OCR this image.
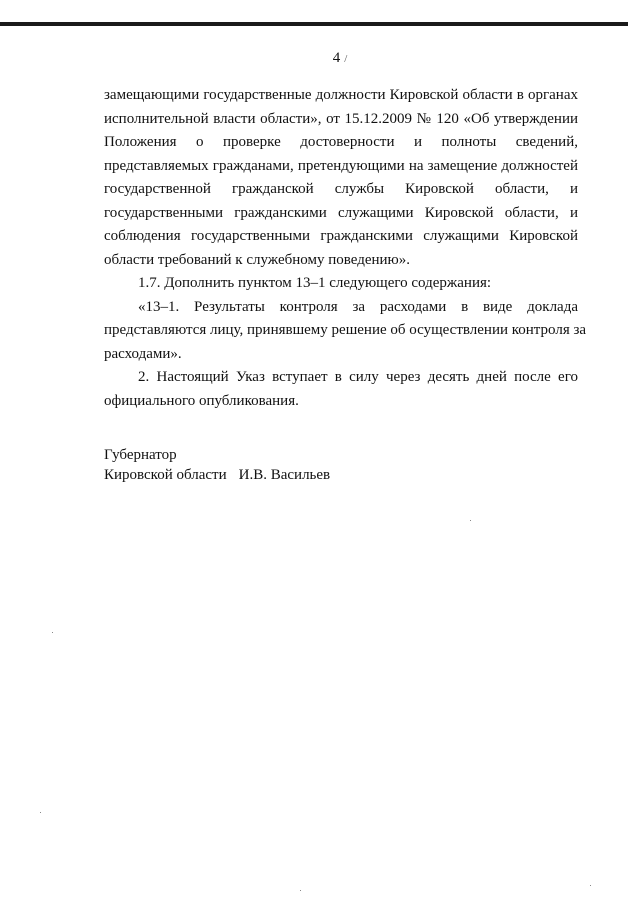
4 /
замещающими государственные должности Кировской области в органах
исполнительной власти области», от 15.12.2009 № 120 «Об утверждении
Положения о проверке достоверности и полноты сведений,
представляемых гражданами, претендующими на замещение должностей
государственной гражданской службы Кировской области, и
государственными гражданскими служащими Кировской области, и
соблюдения государственными гражданскими служащими Кировской
области требований к служебному поведению».
1.7. Дополнить пунктом 13–1 следующего содержания:
«13–1. Результаты контроля за расходами в виде доклада
представляются лицу, принявшему решение об осуществлении контроля за
расходами».
2. Настоящий Указ вступает в силу через десять дней после его
официального опубликования.
Губернатор
Кировской области И.В. Васильев
